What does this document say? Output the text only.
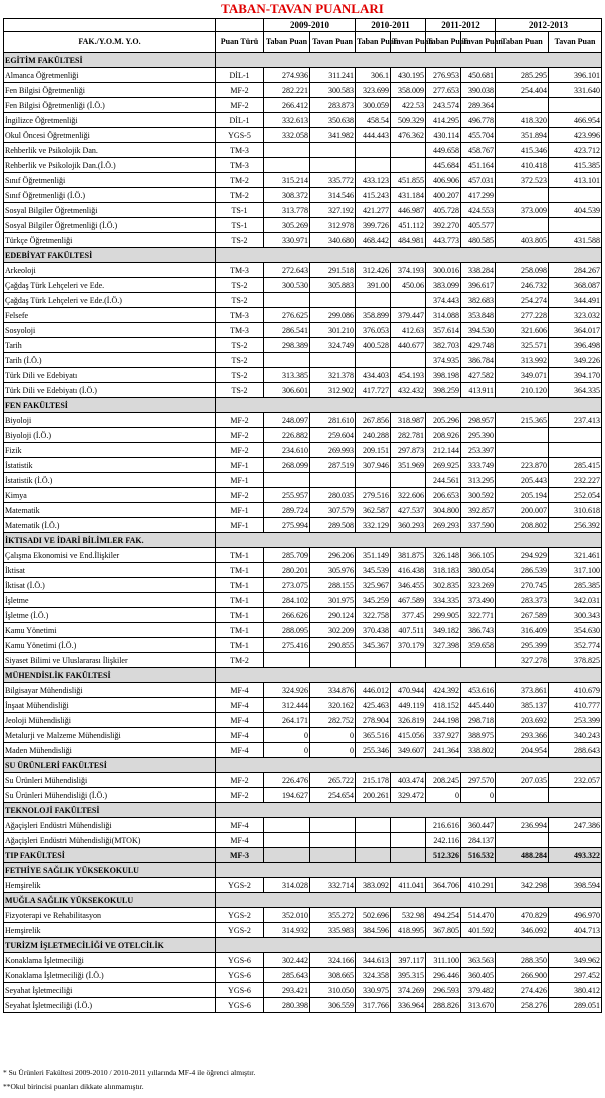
TABAN-TAVAN PUANLARI
		2009-2010		2010-2011		2011-2012		2012-2013	
FAK./Y.O.M. Y.O.	Puan Türü	Taban Puan	Tavan Puan	Taban Puan	Tavan Puan	Taban Puan	Tavan Puan	Taban Puan	Tavan Puan
EGİTİM FAKÜLTESİ									
Almanca Öğretmenliği	DİL-1	274.936	311.241	306.1	430.195	276.953	450.681	285.295	396.101
Fen Bilgisi Öğretmenliği	MF-2	282.221	300.583	323.699	358.009	277.653	390.038	254.404	331.640
Fen Bilgisi Öğretmenliği (İ.Ö.)	MF-2	266.412	283.873	300.059	422.53	243.574	289.364		
İngilizce Öğretmenliği	DİL-1	332.613	350.638	458.54	509.329	414.295	496.778	418.320	466.954
Okul Öncesi Öğretmenliği	YGS-5	332.058	341.982	444.443	476.362	430.114	455.704	351.894	423.996
Rehberlik ve Psikolojik Dan.	TM-3					449.658	458.767	415.346	423.712
Rehberlik ve Psikolojik Dan.(İ.Ö.)	TM-3					445.684	451.164	410.418	415.385
Sınıf Öğretmenliği	TM-2	315.214	335.772	433.123	451.855	406.906	457.031	372.523	413.101
Sınıf Öğretmenliği (İ.Ö.)	TM-2	308.372	314.546	415.243	431.184	400.207	417.299		
Sosyal Bilgiler Öğretmenliği	TS-1	313.778	327.192	421.277	446.987	405.728	424.553	373.009	404.539
Sosyal Bilgiler Öğretmenliği (İ.Ö.)	TS-1	305.269	312.978	399.726	451.112	392.270	405.577		
Türkçe Öğretmenliği	TS-2	330.971	340.680	468.442	484.981	443.773	480.585	403.805	431.588
EDEBİYAT FAKÜLTESİ									
Arkeoloji	TM-3	272.643	291.518	312.426	374.193	300.016	338.284	258.098	284.267
Çağdaş Türk Lehçeleri ve Ede.	TS-2	300.530	305.883	391.00	450.06	383.099	396.617	246.732	368.087
Çağdaş Türk Lehçeleri ve Ede.(İ.Ö.)	TS-2					374.443	382.683	254.274	344.491
Felsefe	TM-3	276.625	299.086	358.899	379.447	314.088	353.848	277.228	323.032
Sosyoloji	TM-3	286.541	301.210	376.053	412.63	357.614	394.530	321.606	364.017
Tarih	TS-2	298.389	324.749	400.528	440.677	382.703	429.748	325.571	396.498
Tarih (İ.Ö.)	TS-2					374.935	386.784	313.992	349.226
Türk Dili ve Edebiyatı	TS-2	313.385	321.378	434.403	454.193	398.198	427.582	349.071	394.170
Türk Dili ve Edebiyatı (İ.Ö.)	TS-2	306.601	312.902	417.727	432.432	398.259	413.911	210.120	364.335
FEN FAKÜLTESİ									
Biyoloji	MF-2	248.097	281.610	267.856	318.987	205.296	298.957	215.365	237.413
Biyoloji (İ.Ö.)	MF-2	226.882	259.604	240.288	282.781	208.926	295.390		
Fizik	MF-2	234.610	269.993	209.151	297.873	212.144	253.397		
İstatistik	MF-1	268.099	287.519	307.946	351.969	269.925	333.749	223.870	285.415
İstatistik (İ.Ö.)	MF-1					244.561	313.295	205.443	232.227
Kimya	MF-2	255.957	280.035	279.516	322.606	206.653	300.592	205.194	252.054
Matematik	MF-1	289.724	307.579	362.587	427.537	304.800	392.857	200.007	310.618
Matematik (İ.Ö.)	MF-1	275.994	289.508	332.129	360.293	269.293	337.590	208.802	256.392
İKTISADI VE İDARİ BİLİMLER FAK.									
Çalışma Ekonomisi ve End.İlişkiler	TM-1	285.709	296.206	351.149	381.875	326.148	366.105	294.929	321.461
İktisat	TM-1	280.201	305.976	345.539	416.438	318.183	380.054	286.539	317.100
İktisat (İ.Ö.)	TM-1	273.075	288.155	325.967	346.455	302.835	323.269	270.745	285.385
İşletme	TM-1	284.102	301.975	345.259	467.589	334.335	373.490	283.373	342.031
İşletme (İ.Ö.)	TM-1	266.626	290.124	322.758	377.45	299.905	322.771	267.589	300.343
Kamu Yönetimi	TM-1	288.095	302.209	370.438	407.511	349.182	386.743	316.409	354.630
Kamu Yönetimi (İ.Ö.)	TM-1	275.416	290.855	345.367	370.179	327.398	359.658	295.399	352.774
Siyaset Bilimi ve Uluslararası İlişkiler	TM-2							327.278	378.825
MÜHENDİSLİK FAKÜLTESİ									
Bilgisayar Mühendisliği	MF-4	324.926	334.876	446.012	470.944	424.392	453.616	373.861	410.679
İnşaat Mühendisliği	MF-4	312.444	320.162	425.463	449.119	418.152	445.440	385.137	410.777
Jeoloji Mühendisliği	MF-4	264.171	282.752	278.904	326.819	244.198	298.718	203.692	253.399
Metalurji ve Malzeme Mühendisliği	MF-4	0	0	365.516	415.056	337.927	388.975	293.366	340.243
Maden Mühendisliği	MF-4	0	0	255.346	349.607	241.364	338.802	204.954	288.643
SU ÜRÜNLERİ FAKÜLTESİ									
Su Ürünleri Mühendisliği	MF-2	226.476	265.722	215.178	403.474	208.245	297.570	207.035	232.057
Su Ürünleri Mühendisliği (İ.Ö.)	MF-2	194.627	254.654	200.261	329.472	0	0		
TEKNOLOJİ FAKÜLTESİ									
Ağaçişleri Endüstri Mühendisliği	MF-4					216.616	360.447	236.994	247.386
Ağaçişleri Endüstri Mühendisliği(MTOK)	MF-4					242.116	284.137		
TIP FAKÜLTESİ	MF-3					512.326	516.532	488.284	493.322
FETHİYE SAĞLIK YÜKSEKOKULU									
Hemşirelik	YGS-2	314.028	332.714	383.092	411.041	364.706	410.291	342.298	398.594
MUĞLA SAĞLIK YÜKSEKOKULU									
Fizyoterapi ve Rehabilitasyon	YGS-2	352.010	355.272	502.696	532.98	494.254	514.470	470.829	496.970
Hemşirelik	YGS-2	314.932	335.983	384.596	418.995	367.805	401.592	346.092	404.713
TURİZM İŞLETMECİLİĞİ VE OTELCİLİK									
Konaklama İşletmeciliği	YGS-6	302.442	324.166	344.613	397.117	311.100	363.563	288.350	349.962
Konaklama İşletmeciliği (İ.Ö.)	YGS-6	285.643	308.665	324.358	395.315	296.446	360.405	266.900	297.452
Seyahat İşletmeciliği	YGS-6	293.421	310.050	330.975	374.269	296.593	379.482	274.426	380.412
Seyahat İşletmeciliği (İ.Ö.)	YGS-6	280.398	306.559	317.766	336.964	288.826	313.670	258.276	289.051
* Su Ürünleri Fakültesi 2009-2010 / 2010-2011 yıllarında MF-4 ile öğrenci almıştır.
**Okul birincisi puanları dikkate alınmamıştır.
